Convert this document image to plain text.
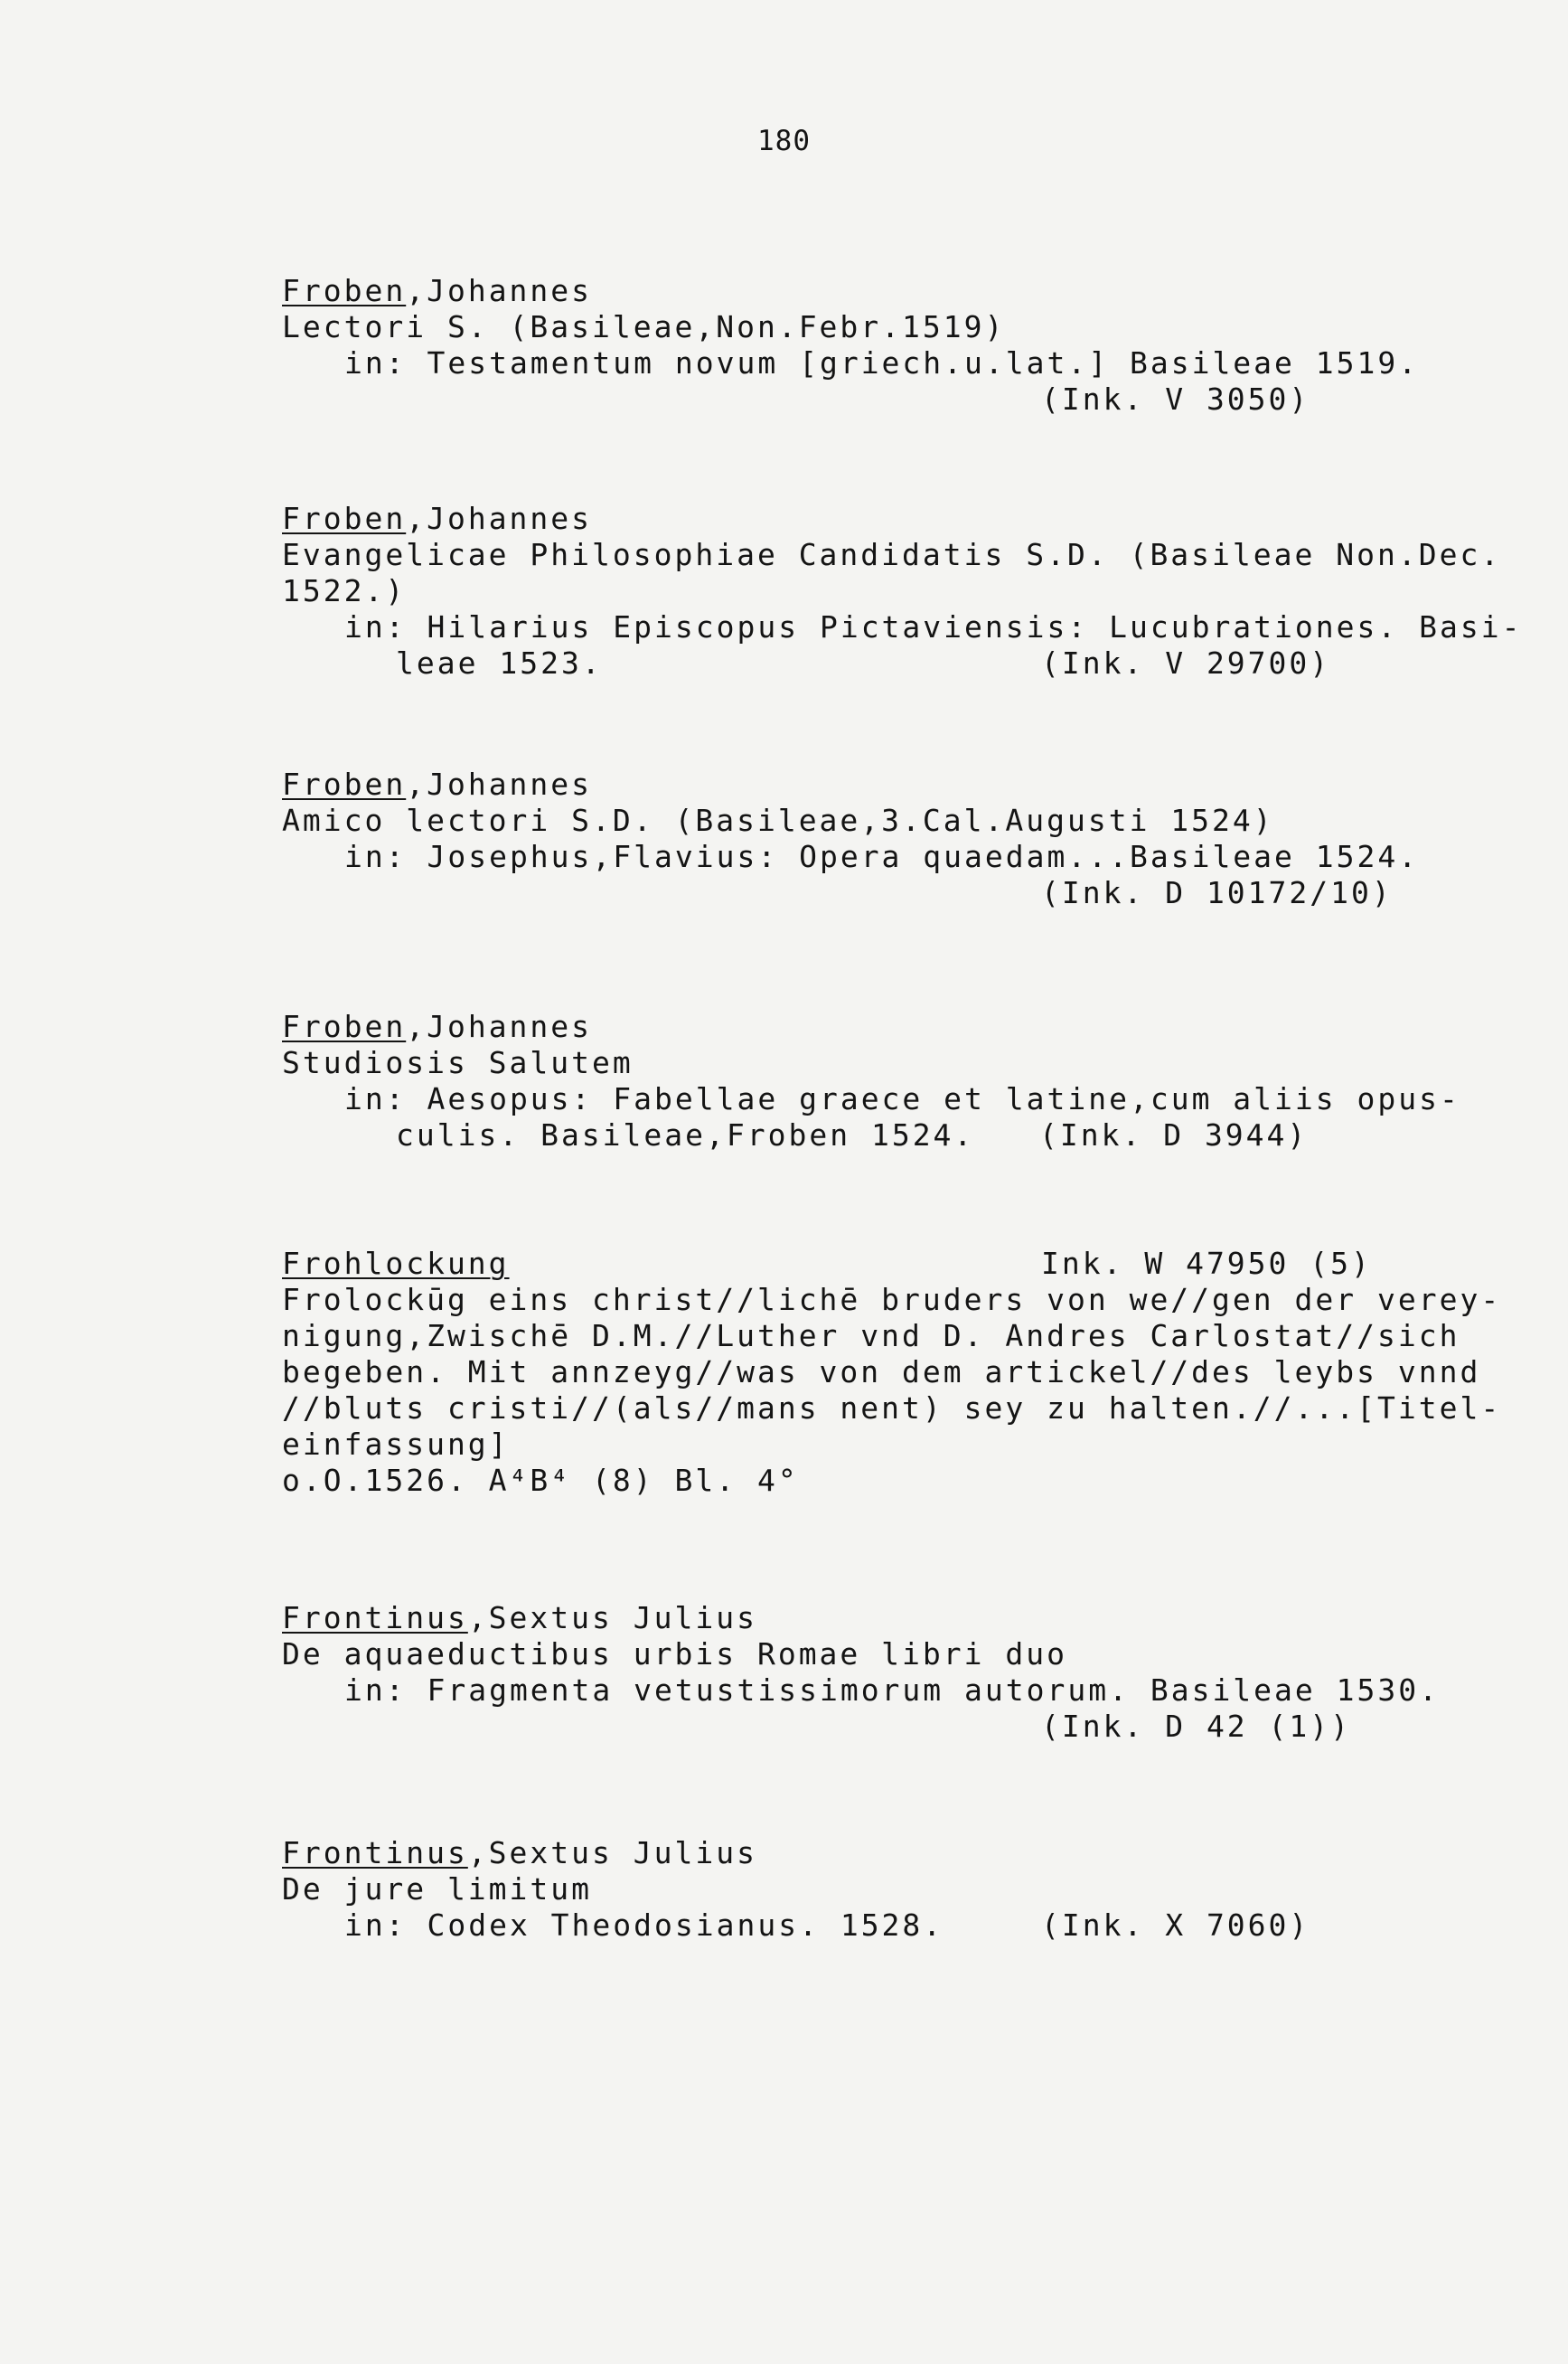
180
Froben,Johannes
Lectori S. (Basileae,Non.Febr.1519)
in: Testamentum novum [griech.u.lat.] Basileae 1519.
(Ink. V 3050)
Froben,Johannes
Evangelicae Philosophiae Candidatis S.D. (Basileae Non.Dec.
1522.)
in: Hilarius Episcopus Pictaviensis: Lucubrationes. Basi-
leae 1523.	(Ink. V 29700)
Froben,Johannes
Amico lectori S.D. (Basileae,3.Cal.Augusti 1524)
in: Josephus,Flavius: Opera quaedam...Basileae 1524.
(Ink. D 10172/10)
Froben,Johannes
Studiosis Salutem
in: Aesopus: Fabellae graece et latine,cum aliis opus-
culis. Basileae,Froben 1524. (Ink. D 3944)
Frohlockung	Ink. W 47950 (5)
Frolockūg eins christ//lichē bruders von we//gen der verey-
nigung,Zwischē D.M.//Luther vnd D. Andres Carlostat//sich
begeben. Mit annzeyg//was von dem artickel//des leybs vnnd
//bluts cristi//(als//mans nent) sey zu halten.//...[Titel-
einfassung]
o.O.1526. A⁴B⁴ (8) Bl. 4°
Frontinus,Sextus Julius
De aquaeductibus urbis Romae libri duo
in: Fragmenta vetustissimorum autorum. Basileae 1530.
(Ink. D 42 (1))
Frontinus,Sextus Julius
De jure limitum
in: Codex Theodosianus. 1528.	(Ink. X 7060)
